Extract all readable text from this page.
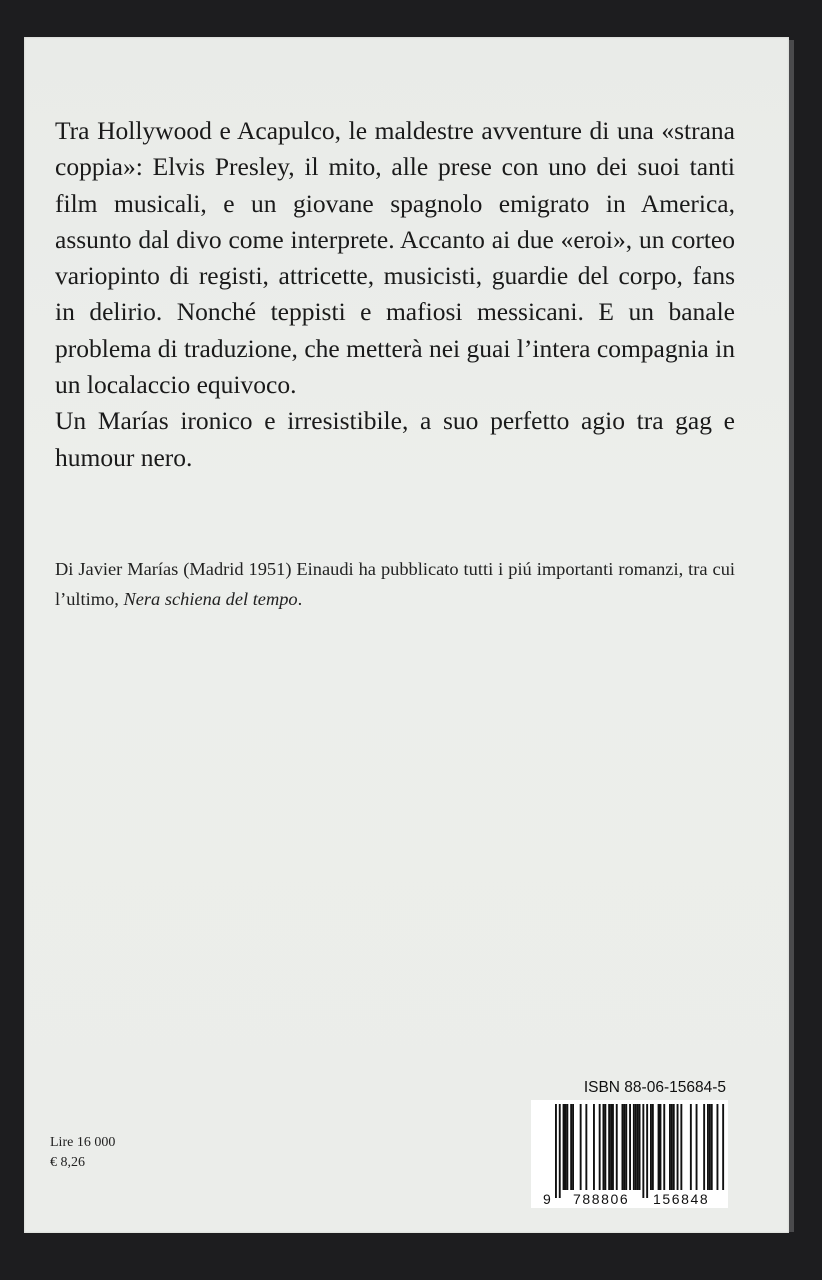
Tra Hollywood e Acapulco, le maldestre avventure di una «strana coppia»: Elvis Presley, il mito, alle prese con uno dei suoi tanti film musicali, e un giovane spagnolo emigrato in America, assunto dal divo come interprete. Accanto ai due «eroi», un corteo variopinto di registi, attricette, musicisti, guardie del corpo, fans in delirio. Nonché teppisti e mafiosi messicani. E un banale problema di traduzione, che metterà nei guai l’intera compagnia in un localaccio equivoco.

Un Marías ironico e irresistibile, a suo perfetto agio tra gag e humour nero.

Di Javier Marías (Madrid 1951) Einaudi ha pubblicato tutti i piú importanti romanzi, tra cui l’ultimo, Nera schiena del tempo.

Lire 16 000
€ 8,26
ISBN 88-06-15684-5
9 788806 156848
